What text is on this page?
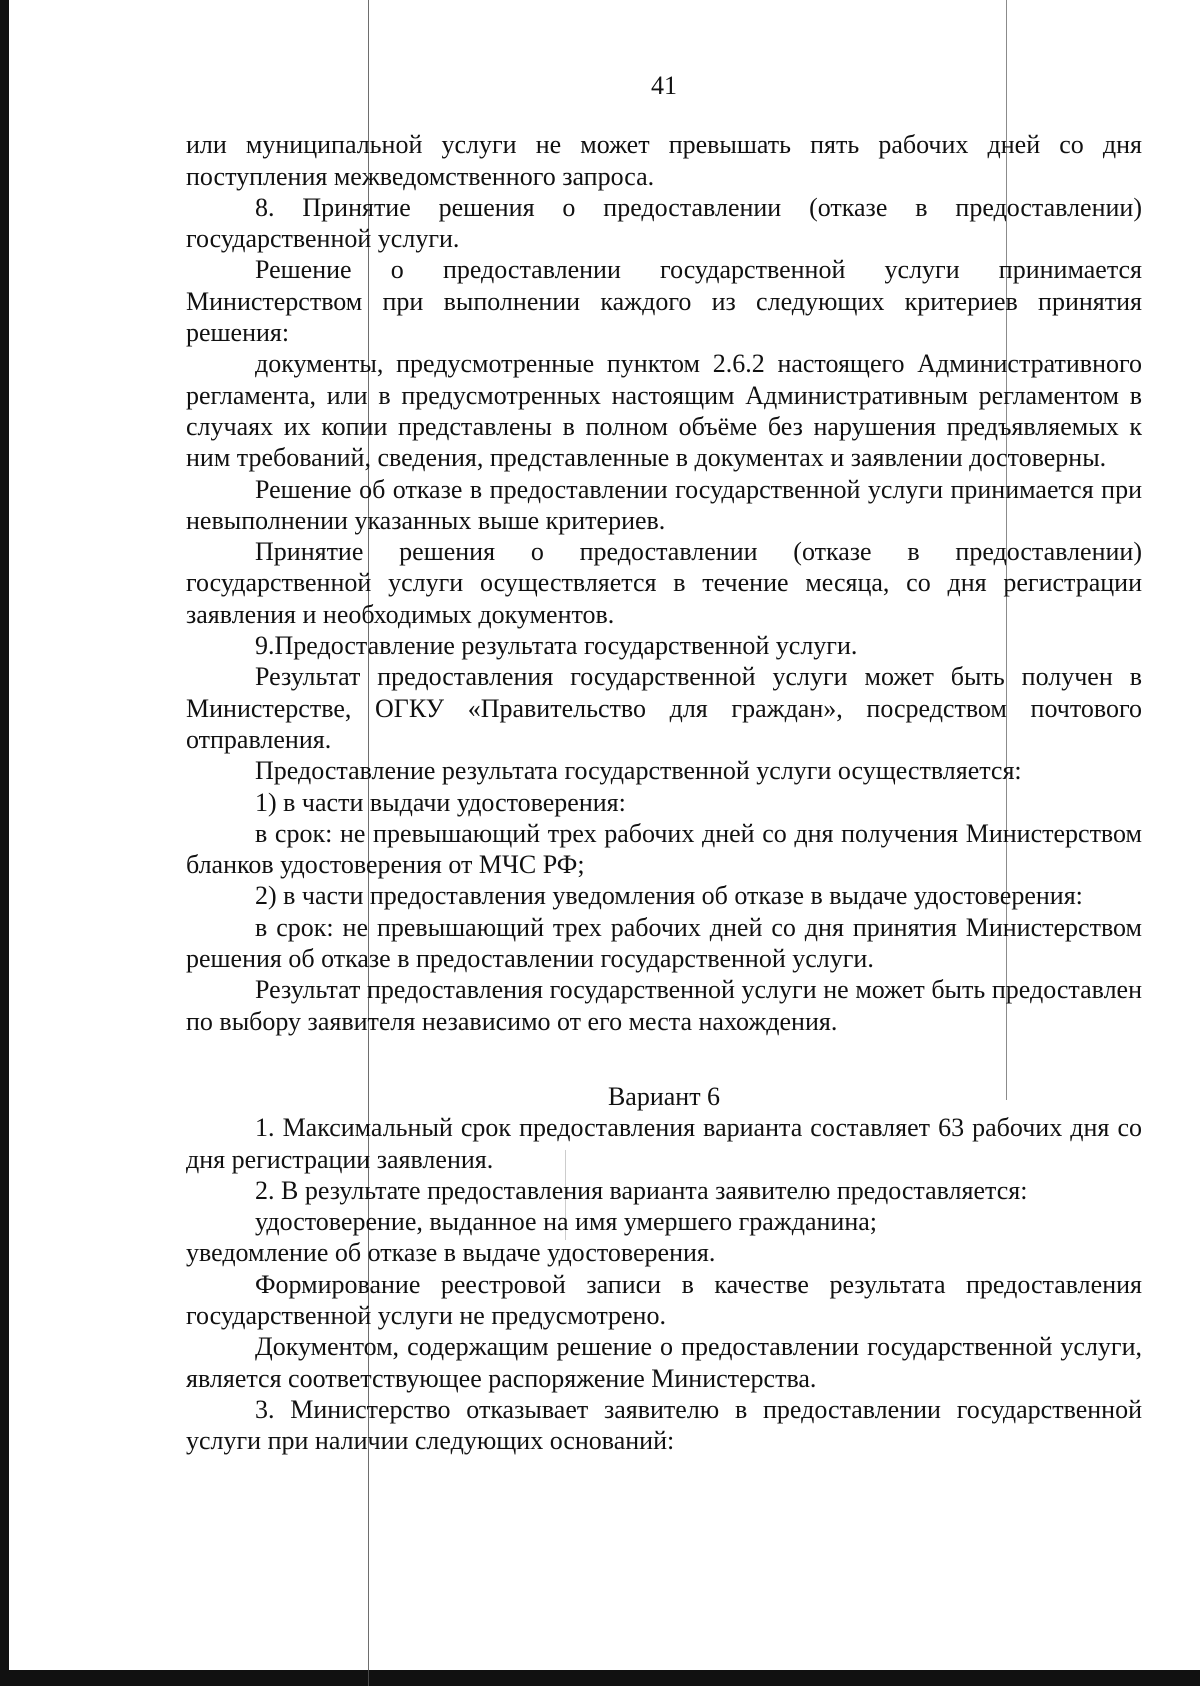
41

или муниципальной услуги не может превышать пять рабочих дней со дня поступления межведомственного запроса.

8. Принятие решения о предоставлении (отказе в предоставлении) государственной услуги.

Решение о предоставлении государственной услуги принимается Министерством при выполнении каждого из следующих критериев принятия решения:

документы, предусмотренные пунктом 2.6.2 настоящего Административного регламента, или в предусмотренных настоящим Административным регламентом в случаях их копии представлены в полном объёме без нарушения предъявляемых к ним требований, сведения, представленные в документах и заявлении достоверны.

Решение об отказе в предоставлении государственной услуги принимается при невыполнении указанных выше критериев.

Принятие решения о предоставлении (отказе в предоставлении) государственной услуги осуществляется в течение месяца, со дня регистрации заявления и необходимых документов.

9.Предоставление результата государственной услуги.

Результат предоставления государственной услуги может быть получен в Министерстве, ОГКУ «Правительство для граждан», посредством почтового отправления.

Предоставление результата государственной услуги осуществляется:

1) в части выдачи удостоверения:

в срок: не превышающий трех рабочих дней со дня получения Министерством бланков удостоверения от МЧС РФ;

2) в части предоставления уведомления об отказе в выдаче удостоверения:

в срок: не превышающий трех рабочих дней со дня принятия Министерством решения об отказе в предоставлении государственной услуги.

Результат предоставления государственной услуги не может быть предоставлен по выбору заявителя независимо от его места нахождения.

Вариант 6

1. Максимальный срок предоставления варианта составляет 63 рабочих дня со дня регистрации заявления.

2. В результате предоставления варианта заявителю предоставляется:

удостоверение, выданное на имя умершего гражданина;

уведомление об отказе в выдаче удостоверения.

Формирование реестровой записи в качестве результата предоставления государственной услуги не предусмотрено.

Документом, содержащим решение о предоставлении государственной услуги, является соответствующее распоряжение Министерства.

3. Министерство отказывает заявителю в предоставлении государственной услуги при наличии следующих оснований:
